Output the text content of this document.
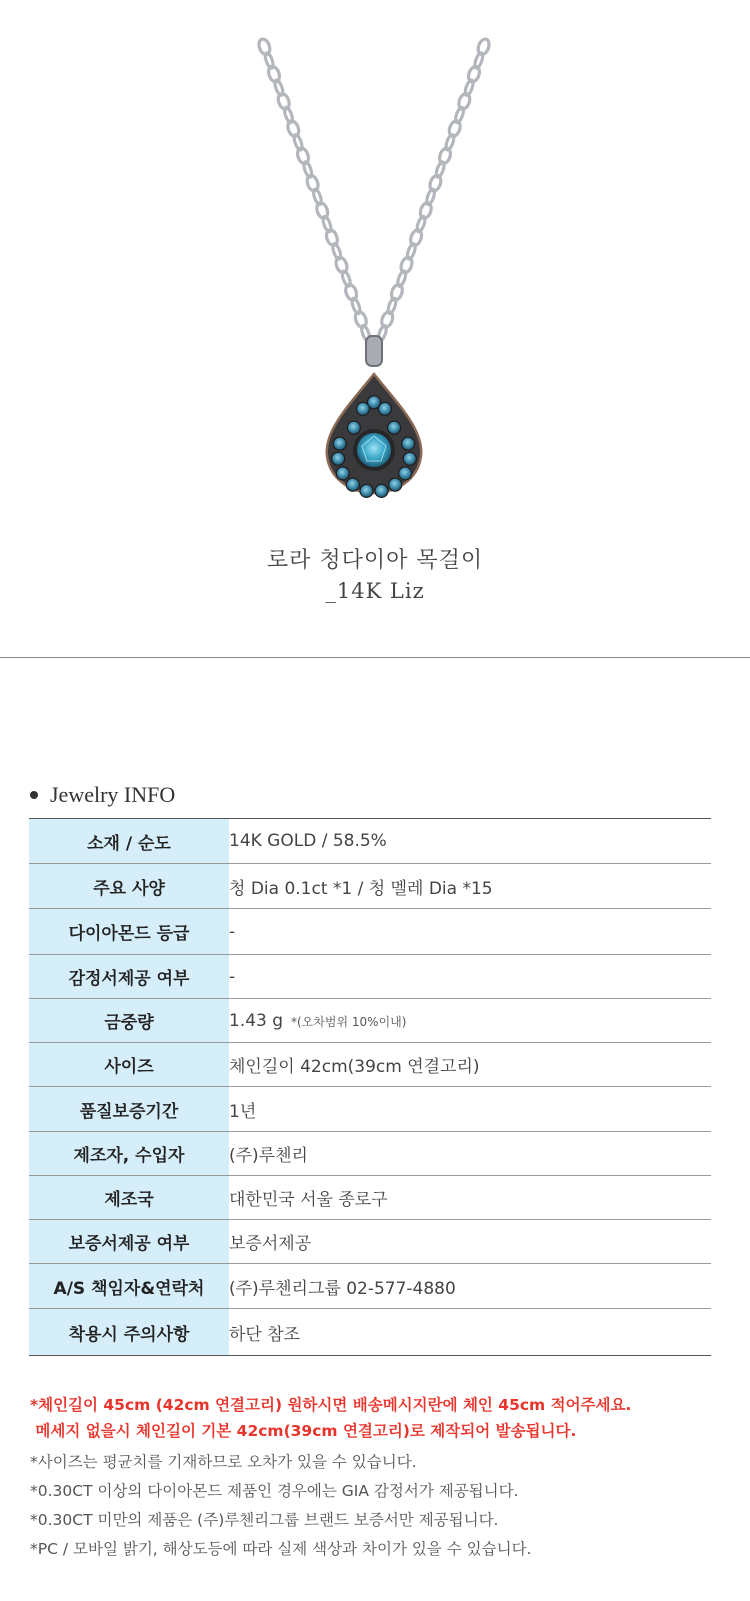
로라 청다이아 목걸이
_14K Liz
Jewelry INFO
소재 / 순도	14K GOLD / 58.5%
주요 사양	청 Dia 0.1ct *1 / 청 멜레 Dia *15
다이아몬드 등급	-
감정서제공 여부	-
금중량	1.43 g *(오차범위 10%이내)
사이즈	체인길이 42cm(39cm 연결고리)
품질보증기간	1년
제조자, 수입자	(주)루첸리
제조국	대한민국 서울 종로구
보증서제공 여부	보증서제공
A/S 책임자&연락처	(주)루첸리그룹 02-577-4880
착용시 주의사항	하단 참조
*체인길이 45cm (42cm 연결고리) 원하시면 배송메시지란에 체인 45cm 적어주세요.
메세지 없을시 체인길이 기본 42cm(39cm 연결고리)로 제작되어 발송됩니다.
*사이즈는 평균치를 기재하므로 오차가 있을 수 있습니다.
*0.30CT 이상의 다이아몬드 제품인 경우에는 GIA 감정서가 제공됩니다.
*0.30CT 미만의 제품은 (주)루첸리그룹 브랜드 보증서만 제공됩니다.
*PC / 모바일 밝기, 해상도등에 따라 실제 색상과 차이가 있을 수 있습니다.
